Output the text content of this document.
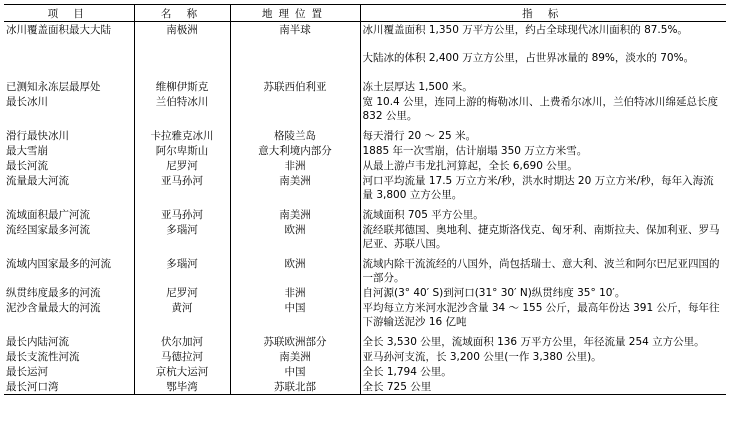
项 目	名 称	地理位置	指 标
冰川覆盖面积最大大陆	南极洲	南半球	冰川覆盖面积 1,350 万平方公里，约占全球现代冰川面积的 87.5%。
大陆冰的体积 2,400 万立方公里，占世界冰量的 89%，淡水的 70%。

已测知永冻层最厚处	维柳伊斯克	苏联西伯利亚	冻土层厚达 1,500 米。
最长冰川	兰伯特冰川		宽 10.4 公里，连同上游的梅勒冰川、上费希尔冰川，兰伯特冰川绵延总长度 832 公里。

滑行最快冰川	卡拉雅克冰川	格陵兰岛	每天滑行 20 ～ 25 米。
最大雪崩	阿尔卑斯山	意大利境内部分	1885 年一次雪崩，估计崩塌 350 万立方米雪。
最长河流	尼罗河	非洲	从最上游卢韦龙扎河算起，全长 6,690 公里。
流量最大河流	亚马孙河	南美洲	河口平均流量 17.5 万立方米/秒，洪水时期达 20 万立方米/秒，每年入海流量 3,800 立方公里。

流域面积最广河流	亚马孙河	南美洲	流域面积 705 平方公里。
流经国家最多河流	多瑙河	欧洲	流经联邦德国、奥地利、捷克斯洛伐克、匈牙利、南斯拉夫、保加利亚、罗马尼亚、苏联八国。

流域内国家最多的河流	多瑙河	欧洲	流域内除干流流经的八国外，尚包括瑞士、意大利、波兰和阿尔巴尼亚四国的一部分。
纵贯纬度最多的河流	尼罗河	非洲	自河源(3° 40′ S)到河口(31° 30′ N)纵贯纬度 35° 10′。
泥沙含量最大的河流	黄河	中国	平均每立方米河水泥沙含量 34 ～ 155 公斤，最高年份达 391 公斤，每年往下游输送泥沙 16 亿吨

最长内陆河流	伏尔加河	苏联欧洲部分	全长 3,530 公里，流域面积 136 万平方公里，年径流量 254 立方公里。
最长支流性河流	马德拉河	南美洲	亚马孙河支流，长 3,200 公里(一作 3,380 公里)。
最长运河	京杭大运河	中国	全长 1,794 公里。
最长河口湾	鄂毕湾	苏联北部	全长 725 公里
